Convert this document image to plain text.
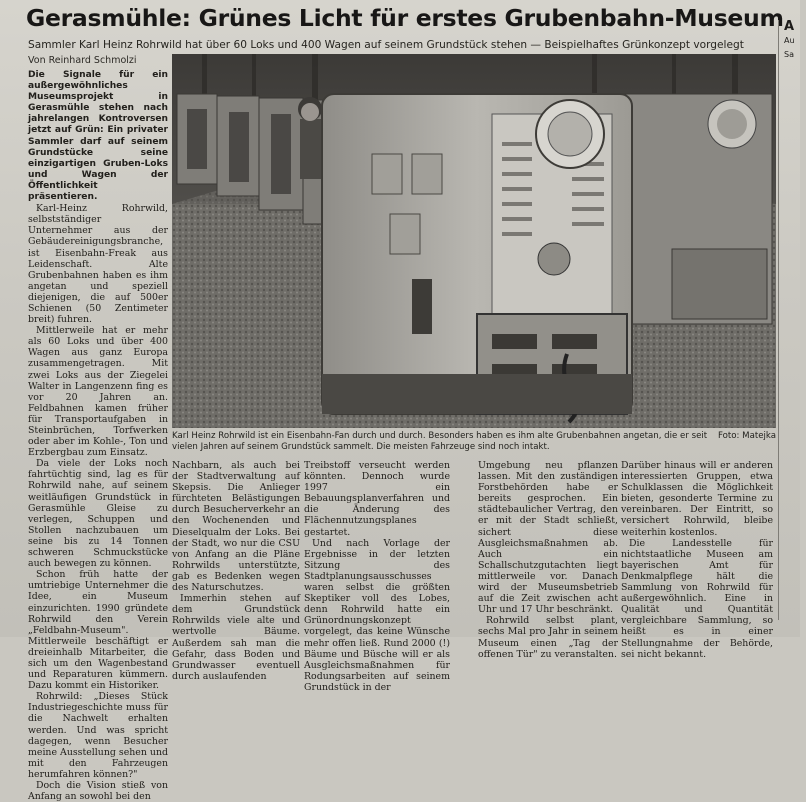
Gerasmühle: Grünes Licht für erstes Grubenbahn-Museum
Sammler Karl Heinz Rohrwild hat über 60 Loks und 400 Wagen auf seinem Grundstück stehen — Beispielhaftes Grünkonzept vorgelegt
Von Reinhard Schmolzi
A
Au
Sa

Die Signale für ein außergewöhnliches Museumsprojekt in Gerasmühle stehen nach jahrelangen Kontroversen jetzt auf Grün: Ein privater Sammler darf auf seinem Grundstücke seine einzigartigen Gruben-Loks und Wagen der Öffentlichkeit präsentieren.

Karl-Heinz Rohrwild, selbstständiger Unternehmer aus der Gebäudereinigungsbranche, ist Eisenbahn-Freak aus Leidenschaft. Alte Grubenbahnen haben es ihm angetan und speziell diejenigen, die auf 500er Schienen (50 Zentimeter breit) fuhren.

Mittlerweile hat er mehr als 60 Loks und über 400 Wagen aus ganz Europa zusammengetragen. Mit zwei Loks aus der Ziegelei Walter in Langenzenn fing es vor 20 Jahren an. Feldbahnen kamen früher für Transportaufgaben in Steinbrüchen, Torfwerken oder aber im Kohle-, Ton und Erzbergbau zum Einsatz.

Da viele der Loks noch fahrtüchtig sind, lag es für Rohrwild nahe, auf seinem weitläufigen Grundstück in Gerasmühle Gleise zu verlegen, Schuppen und Stollen nachzubauen um seine bis zu 14 Tonnen schweren Schmuckstücke auch bewegen zu können.

Schon früh hatte der umtriebige Unternehmer die Idee, ein Museum einzurichten. 1990 gründete Rohrwild den Verein „Feldbahn-Museum". Mittlerweile beschäftigt er dreieinhalb Mitarbeiter, die sich um den Wagenbestand und Reparaturen kümmern. Dazu kommt ein Historiker.

Rohrwild: „Dieses Stück Industriegeschichte muss für die Nachwelt erhalten werden. Und was spricht dagegen, wenn Besucher meine Ausstellung sehen und mit den Fahrzeugen herumfahren können?"

Doch die Vision stieß von Anfang an sowohl bei den

Foto: Matejka
Karl Heinz Rohrwild ist ein Eisenbahn-Fan durch und durch. Besonders haben es ihm alte Grubenbahnen angetan, die er seit vielen Jahren auf seinem Grundstück sammelt. Die meisten Fahrzeuge sind noch intakt.

Nachbarn, als auch bei der Stadtverwaltung auf Skepsis. Die Anlieger fürchteten Belästigungen durch Besucherverkehr an den Wochenenden und Dieselqualm der Loks. Bei der Stadt, wo nur die CSU von Anfang an die Pläne Rohrwilds unterstützte, gab es Bedenken wegen des Naturschutzes.

Immerhin stehen auf dem Grundstück Rohrwilds viele alte und wertvolle Bäume. Außerdem sah man die Gefahr, dass Boden und Grundwasser eventuell durch auslaufenden

Treibstoff verseucht werden könnten. Dennoch wurde 1997 ein Bebauungsplanverfahren und die Änderung des Flächennutzungsplanes gestartet.

Und nach Vorlage der Ergebnisse in der letzten Sitzung des Stadtplanungsausschusses waren selbst die größten Skeptiker voll des Lobes, denn Rohrwild hatte ein Grünordnungskonzept vorgelegt, das keine Wünsche mehr offen ließ. Rund 2000 (!) Bäume und Büsche will er als Ausgleichsmaßnahmen für Rodungsarbeiten auf seinem Grundstück in der

Umgebung neu pflanzen lassen. Mit den zuständigen Forstbehörden habe er bereits gesprochen. Ein städtebaulicher Vertrag, den er mit der Stadt schließt, sichert diese Ausgleichsmaßnahmen ab. Auch ein Schallschutzgutachten liegt mittlerweile vor. Danach wird der Museumsbetrieb auf die Zeit zwischen acht Uhr und 17 Uhr beschränkt.

Rohrwild selbst plant, sechs Mal pro Jahr in seinem Museum einen „Tag der offenen Tür" zu veranstalten.

Darüber hinaus will er anderen interessierten Gruppen, etwa Schulklassen die Möglichkeit bieten, gesonderte Termine zu vereinbaren. Der Eintritt, so versichert Rohrwild, bleibe weiterhin kostenlos.

Die Landesstelle für nichtstaatliche Museen am bayerischen Amt für Denkmalpflege hält die Sammlung von Rohrwild für außergewöhnlich. Eine in Qualität und Quantität vergleichbare Sammlung, so heißt es in einer Stellungnahme der Behörde, sei nicht bekannt.
